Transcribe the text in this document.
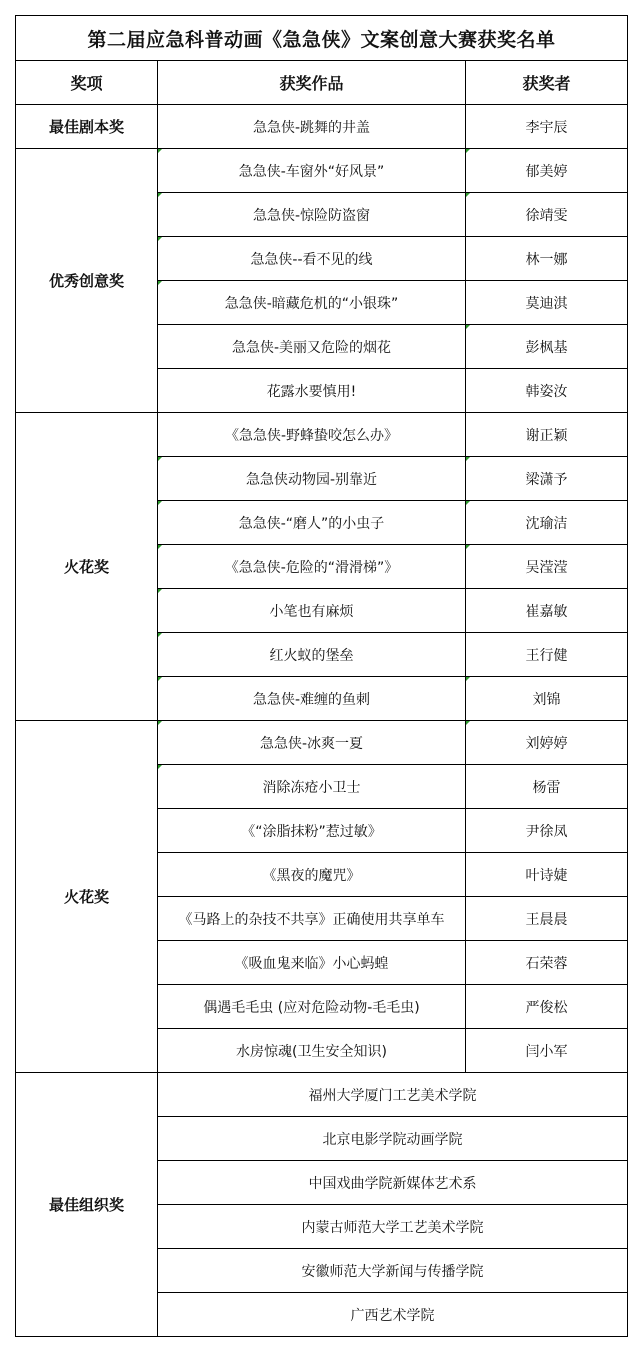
第二届应急科普动画《急急侠》文案创意大赛获奖名单		
奖项	获奖作品	获奖者
最佳剧本奖	急急侠-跳舞的井盖	李宇辰
优秀创意奖	急急侠-车窗外“好风景”	郁美婷
	急急侠-惊险防盗窗	徐靖雯
	急急侠--看不见的线	林一娜
	急急侠-暗藏危机的“小银珠”	莫迪淇
	急急侠-美丽又危险的烟花	彭枫基
	花露水要慎用!	韩姿汝
火花奖	《急急侠-野蜂蛰咬怎么办》	谢正颖
	急急侠动物园-别靠近	梁潇予
	急急侠-“磨人”的小虫子	沈瑜洁
	《急急侠-危险的“滑滑梯”》	吴滢滢
	小笔也有麻烦	崔嘉敏
	红火蚁的堡垒	王行健
	急急侠-难缠的鱼刺	刘锦
火花奖	急急侠-冰爽一夏	刘婷婷
	消除冻疮小卫士	杨雷
	《“涂脂抹粉”惹过敏》	尹徐凤
	《黑夜的魔咒》	叶诗婕
	《马路上的杂技不共享》正确使用共享单车	王晨晨
	《吸血鬼来临》小心蚂蝗	石荣蓉
	偶遇毛毛虫 (应对危险动物-毛毛虫)	严俊松
	水房惊魂(卫生安全知识)	闫小军
最佳组织奖	福州大学厦门工艺美术学院	
	北京电影学院动画学院	
	中国戏曲学院新媒体艺术系	
	内蒙古师范大学工艺美术学院	
	安徽师范大学新闻与传播学院	
	广西艺术学院	
